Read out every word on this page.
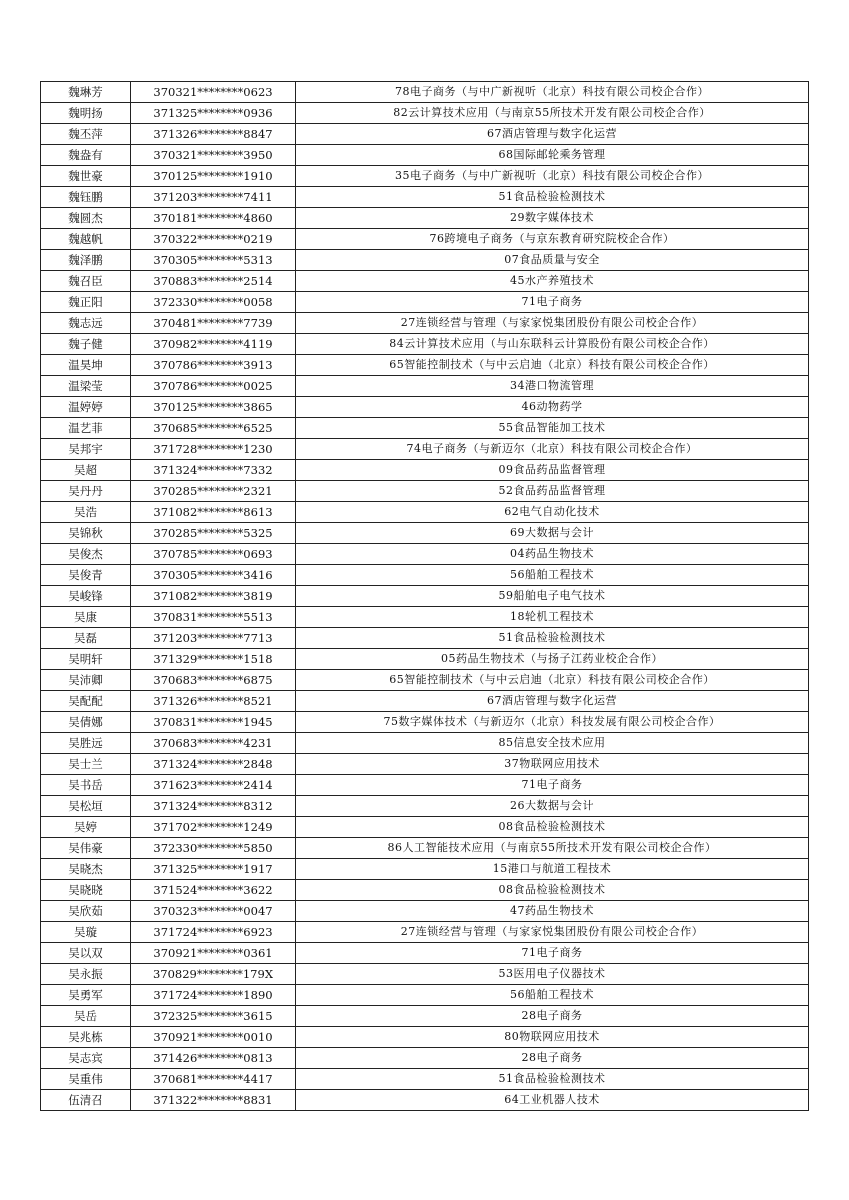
魏琳芳	370321********0623	78电子商务（与中广新视听（北京）科技有限公司校企合作）
魏明扬	371325********0936	82云计算技术应用（与南京55所技术开发有限公司校企合作）
魏丕萍	371326********8847	67酒店管理与数字化运营
魏盎有	370321********3950	68国际邮轮乘务管理
魏世豪	370125********1910	35电子商务（与中广新视听（北京）科技有限公司校企合作）
魏钰鹏	371203********7411	51食品检验检测技术
魏圆杰	370181********4860	29数字媒体技术
魏越帆	370322********0219	76跨境电子商务（与京东教育研究院校企合作）
魏泽鹏	370305********5313	07食品质量与安全
魏召臣	370883********2514	45水产养殖技术
魏正阳	372330********0058	71电子商务
魏志远	370481********7739	27连锁经营与管理（与家家悦集团股份有限公司校企合作）
魏子健	370982********4119	84云计算技术应用（与山东联科云计算股份有限公司校企合作）
温昊坤	370786********3913	65智能控制技术（与中云启迪（北京）科技有限公司校企合作）
温梁莹	370786********0025	34港口物流管理
温婷婷	370125********3865	46动物药学
温艺菲	370685********6525	55食品智能加工技术
吴邦宇	371728********1230	74电子商务（与新迈尔（北京）科技有限公司校企合作）
吴超	371324********7332	09食品药品监督管理
吴丹丹	370285********2321	52食品药品监督管理
吴浩	371082********8613	62电气自动化技术
吴锦秋	370285********5325	69大数据与会计
吴俊杰	370785********0693	04药品生物技术
吴俊青	370305********3416	56船舶工程技术
吴峻锋	371082********3819	59船舶电子电气技术
吴康	370831********5513	18轮机工程技术
吴磊	371203********7713	51食品检验检测技术
吴明轩	371329********1518	05药品生物技术（与扬子江药业校企合作）
吴沛卿	370683********6875	65智能控制技术（与中云启迪（北京）科技有限公司校企合作）
吴配配	371326********8521	67酒店管理与数字化运营
吴倩娜	370831********1945	75数字媒体技术（与新迈尔（北京）科技发展有限公司校企合作）
吴胜远	370683********4231	85信息安全技术应用
吴士兰	371324********2848	37物联网应用技术
吴书岳	371623********2414	71电子商务
吴松垣	371324********8312	26大数据与会计
吴婷	371702********1249	08食品检验检测技术
吴伟豪	372330********5850	86人工智能技术应用（与南京55所技术开发有限公司校企合作）
吴晓杰	371325********1917	15港口与航道工程技术
吴晓晓	371524********3622	08食品检验检测技术
吴欣茹	370323********0047	47药品生物技术
吴璇	371724********6923	27连锁经营与管理（与家家悦集团股份有限公司校企合作）
吴以双	370921********0361	71电子商务
吴永振	370829********179X	53医用电子仪器技术
吴勇军	371724********1890	56船舶工程技术
吴岳	372325********3615	28电子商务
吴兆栋	370921********0010	80物联网应用技术
吴志宾	371426********0813	28电子商务
吴重伟	370681********4417	51食品检验检测技术
伍清召	371322********8831	64工业机器人技术
